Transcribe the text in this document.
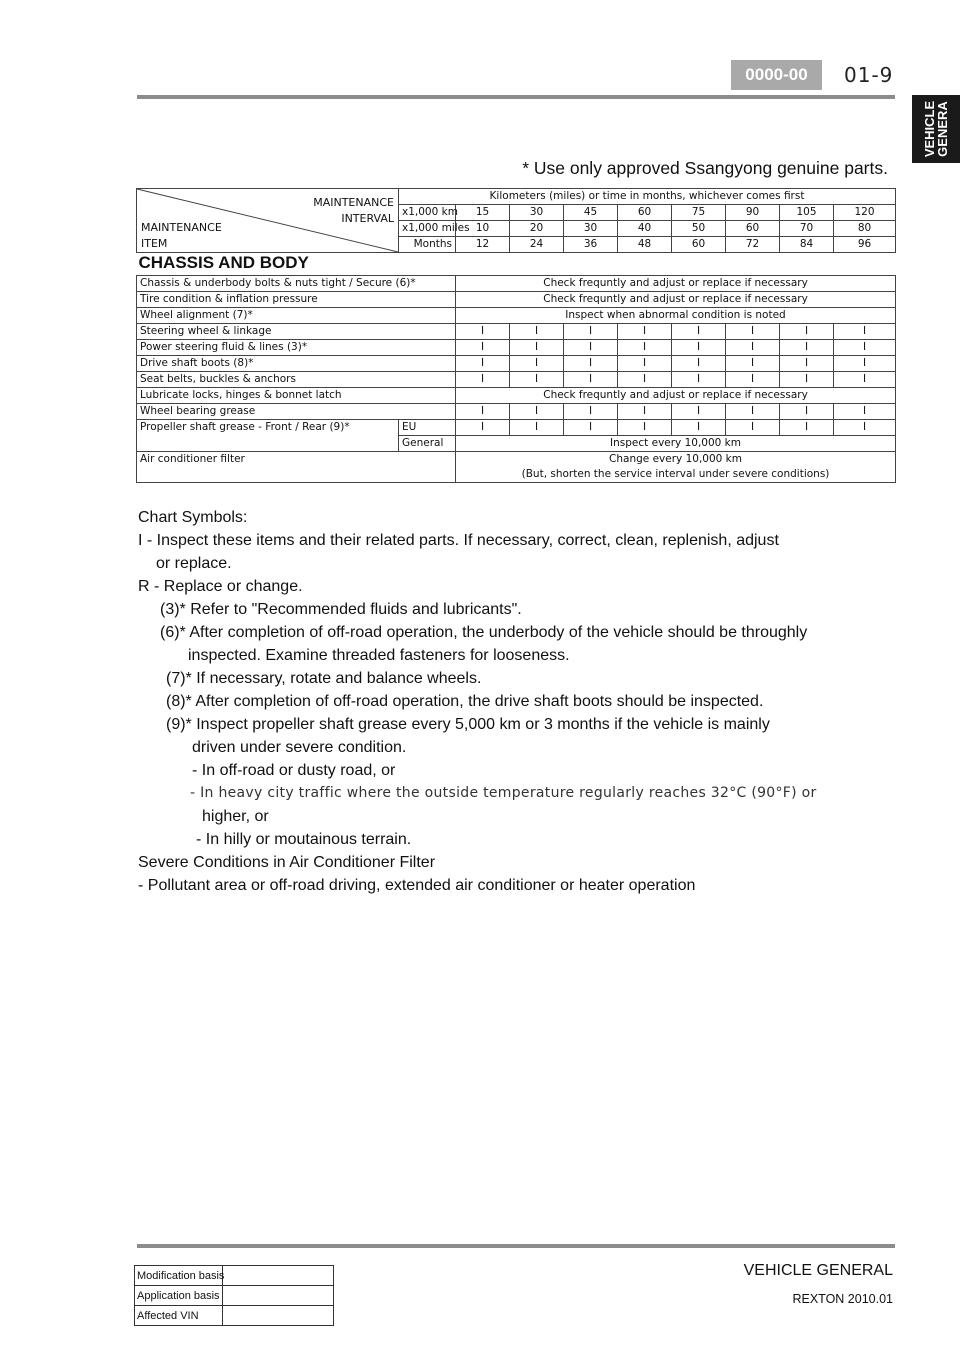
0000-00	01-9
VEHICLE
GENERA
* Use only approved Ssangyong genuine parts.
MAINTENANCE
INTERVAL
MAINTENANCE
ITEM	Kilometers (miles) or time in months, whichever comes first								
	x1,000 km	15	30	45	60	75	90	105	120
	x1,000 miles	10	20	30	40	50	60	70	80
	Months	12	24	36	48	60	72	84	96
CHASSIS AND BODY									
Chassis & underbody bolts & nuts tight / Secure (6)*		Check frequntly and adjust or replace if necessary							
Tire condition & inflation pressure		Check frequntly and adjust or replace if necessary							
Wheel alignment (7)*		Inspect when abnormal condition is noted							
Steering wheel & linkage		I	I	I	I	I	I	I	I
Power steering fluid & lines (3)*		I	I	I	I	I	I	I	I
Drive shaft boots (8)*		I	I	I	I	I	I	I	I
Seat belts, buckles & anchors		I	I	I	I	I	I	I	I
Lubricate locks, hinges & bonnet latch		Check frequntly and adjust or replace if necessary							
Wheel bearing grease		I	I	I	I	I	I	I	I
Propeller shaft grease - Front / Rear (9)*	EU	I	I	I	I	I	I	I	I
	General	Inspect every 10,000 km							
Air conditioner filter		Change every 10,000 km
(But, shorten the service interval under severe conditions)							
Chart Symbols:
I - Inspect these items and their related parts. If necessary, correct, clean, replenish, adjust
or replace.
R - Replace or change.
(3)* Refer to "Recommended fluids and lubricants".
(6)* After completion of off-road operation, the underbody of the vehicle should be throughly
inspected. Examine threaded fasteners for looseness.
(7)* If necessary, rotate and balance wheels.
(8)* After completion of off-road operation, the drive shaft boots should be inspected.
(9)* Inspect propeller shaft grease every 5,000 km or 3 months if the vehicle is mainly
driven under severe condition.
- In off-road or dusty road, or
- In heavy city traffic where the outside temperature regularly reaches 32°C (90°F) or
higher, or
- In hilly or moutainous terrain.
Severe Conditions in Air Conditioner Filter
- Pollutant area or off-road driving, extended air conditioner or heater operation
VEHICLE GENERAL
REXTON 2010.01
Modification basis	
Application basis	
Affected VIN	
